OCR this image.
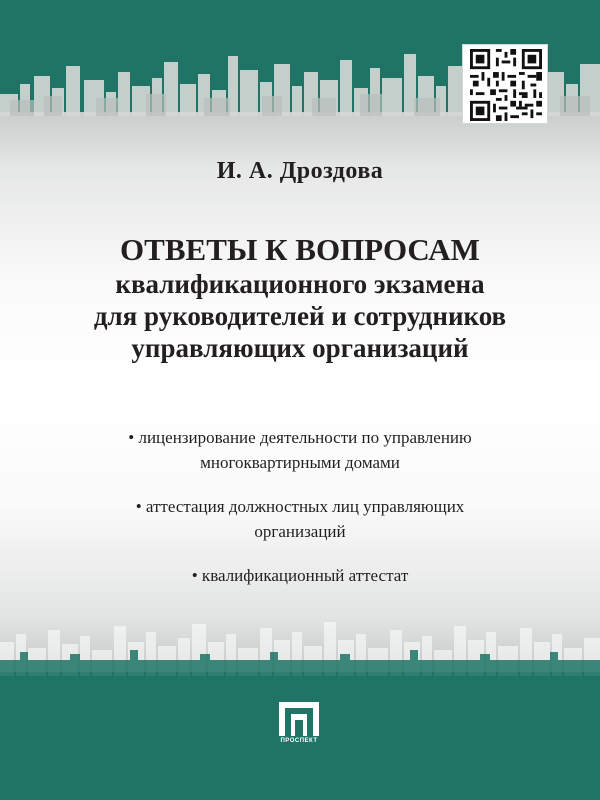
И. А. Дроздова
ОТВЕТЫ К ВОПРОСАМ
квалификационного экзамена
для руководителей и сотрудников
управляющих организаций
• лицензирование деятельности по управлению
многоквартирными домами
• аттестация должностных лиц управляющих
организаций
• квалификационный аттестат
ПРОСПЕКТ
